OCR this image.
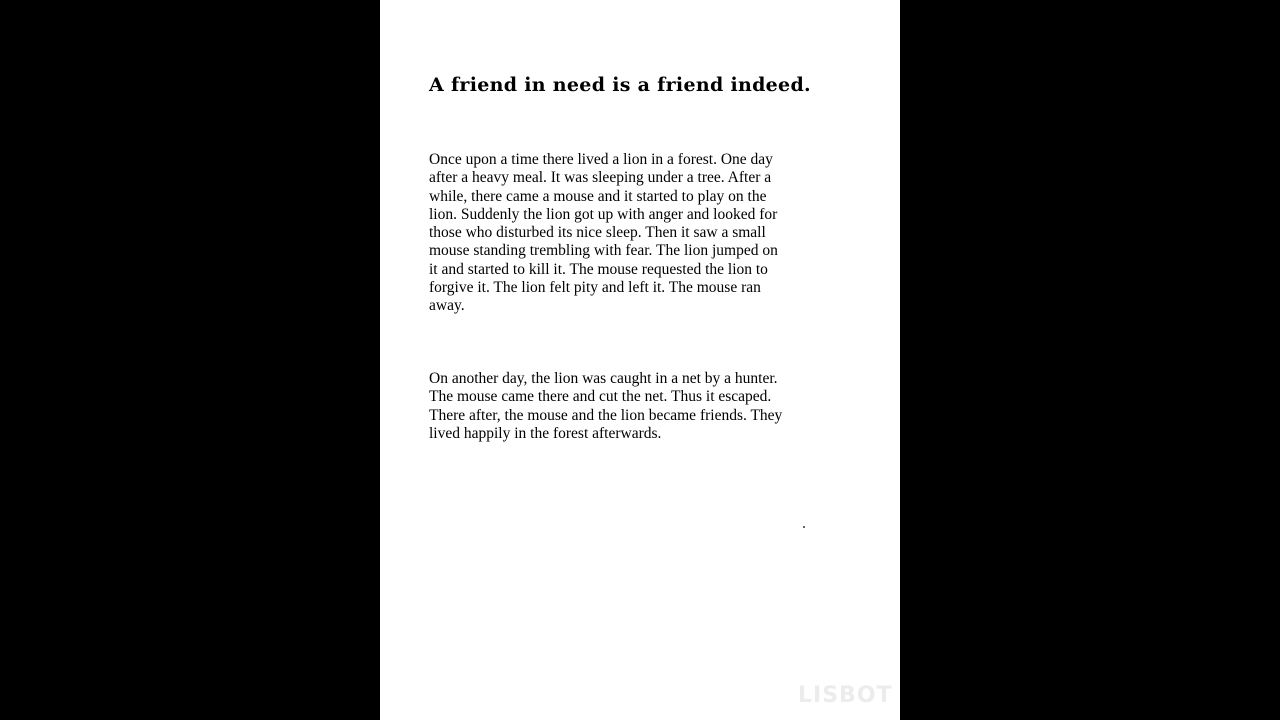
A friend in need is a friend indeed.
Once upon a time there lived a lion in a forest. One day
after a heavy meal. It was sleeping under a tree. After a
while, there came a mouse and it started to play on the
lion. Suddenly the lion got up with anger and looked for
those who disturbed its nice sleep. Then it saw a small
mouse standing trembling with fear. The lion jumped on
it and started to kill it. The mouse requested the lion to
forgive it. The lion felt pity and left it. The mouse ran
away.
On another day, the lion was caught in a net by a hunter.
The mouse came there and cut the net. Thus it escaped.
There after, the mouse and the lion became friends. They
lived happily in the forest afterwards.
LISBOT
